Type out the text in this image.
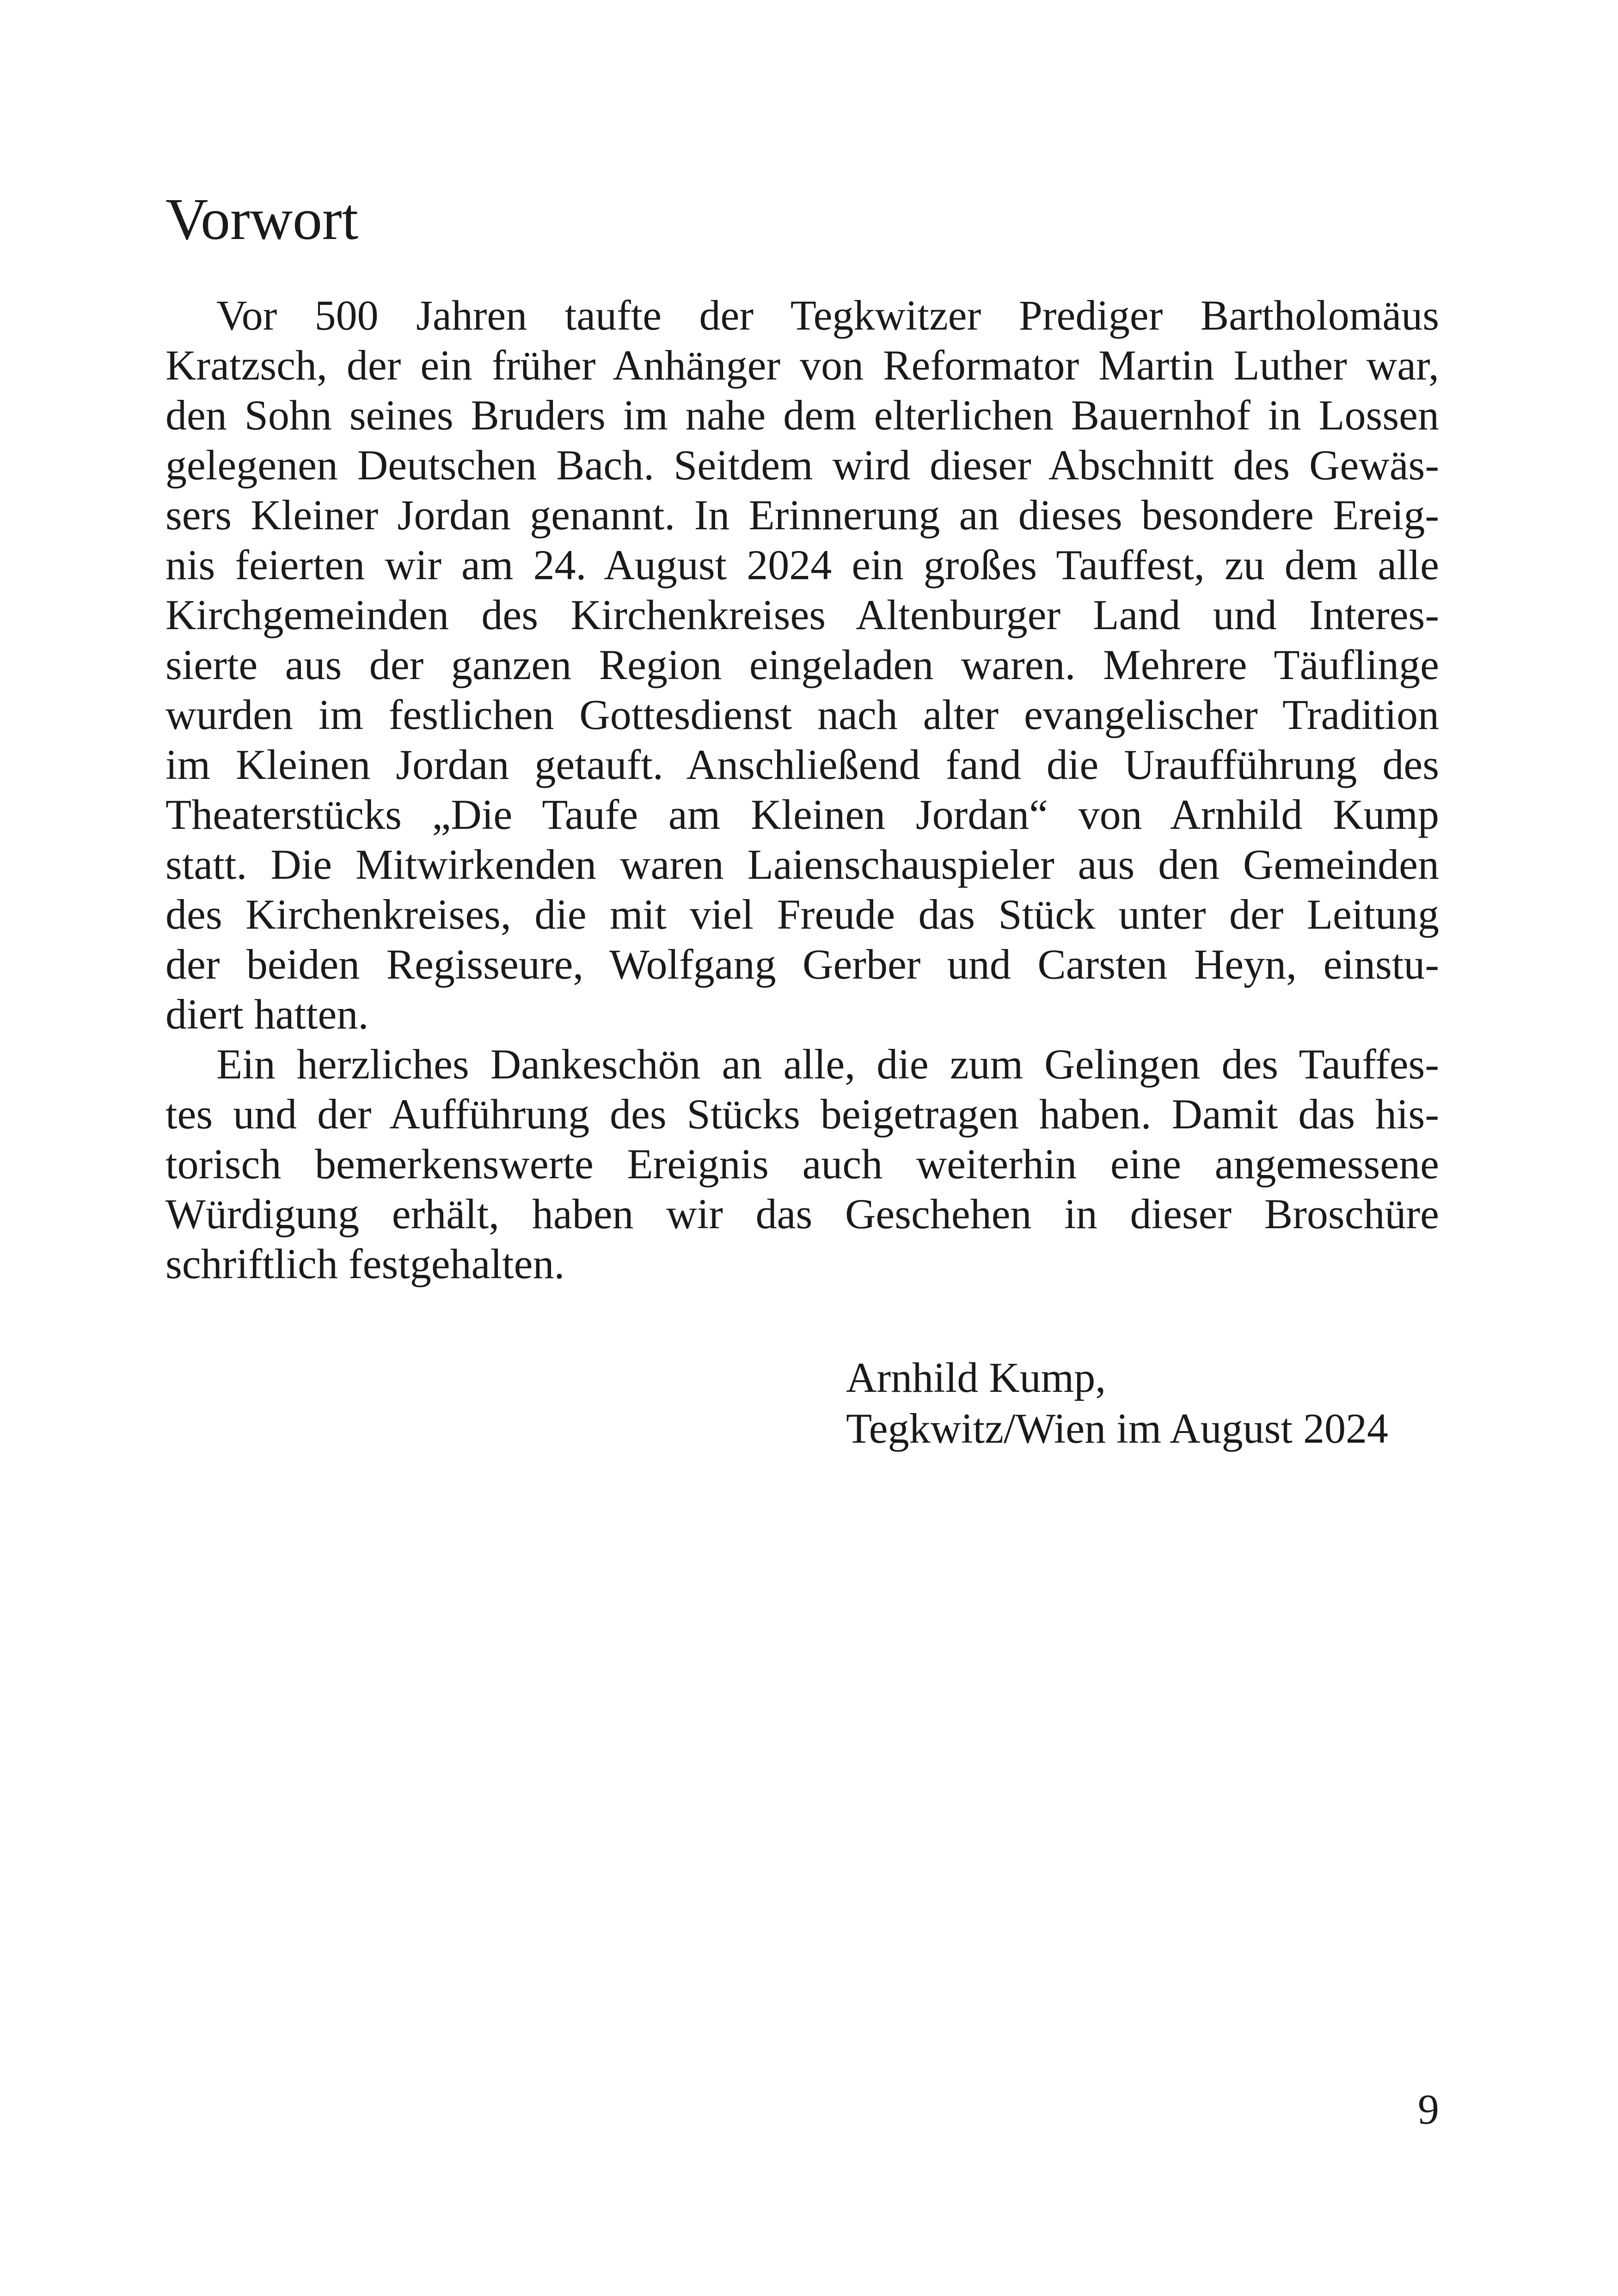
Vorwort
Vor 500 Jahren taufte der Tegkwitzer Prediger Bartholomäus
Kratzsch, der ein früher Anhänger von Reformator Martin Luther war,
den Sohn seines Bruders im nahe dem elterlichen Bauernhof in Lossen
gelegenen Deutschen Bach. Seitdem wird dieser Abschnitt des Gewäs-
sers Kleiner Jordan genannt. In Erinnerung an dieses besondere Ereig-
nis feierten wir am 24. August 2024 ein großes Tauffest, zu dem alle
Kirchgemeinden des Kirchenkreises Altenburger Land und Interes-
sierte aus der ganzen Region eingeladen waren. Mehrere Täuflinge
wurden im festlichen Gottesdienst nach alter evangelischer Tradition
im Kleinen Jordan getauft. Anschließend fand die Uraufführung des
Theaterstücks „Die Taufe am Kleinen Jordan“ von Arnhild Kump
statt. Die Mitwirkenden waren Laienschauspieler aus den Gemeinden
des Kirchenkreises, die mit viel Freude das Stück unter der Leitung
der beiden Regisseure, Wolfgang Gerber und Carsten Heyn, einstu-
diert hatten.
Ein herzliches Dankeschön an alle, die zum Gelingen des Tauffes-
tes und der Aufführung des Stücks beigetragen haben. Damit das his-
torisch bemerkenswerte Ereignis auch weiterhin eine angemessene
Würdigung erhält, haben wir das Geschehen in dieser Broschüre
schriftlich festgehalten.
Arnhild Kump,
Tegkwitz/Wien im August 2024
9
